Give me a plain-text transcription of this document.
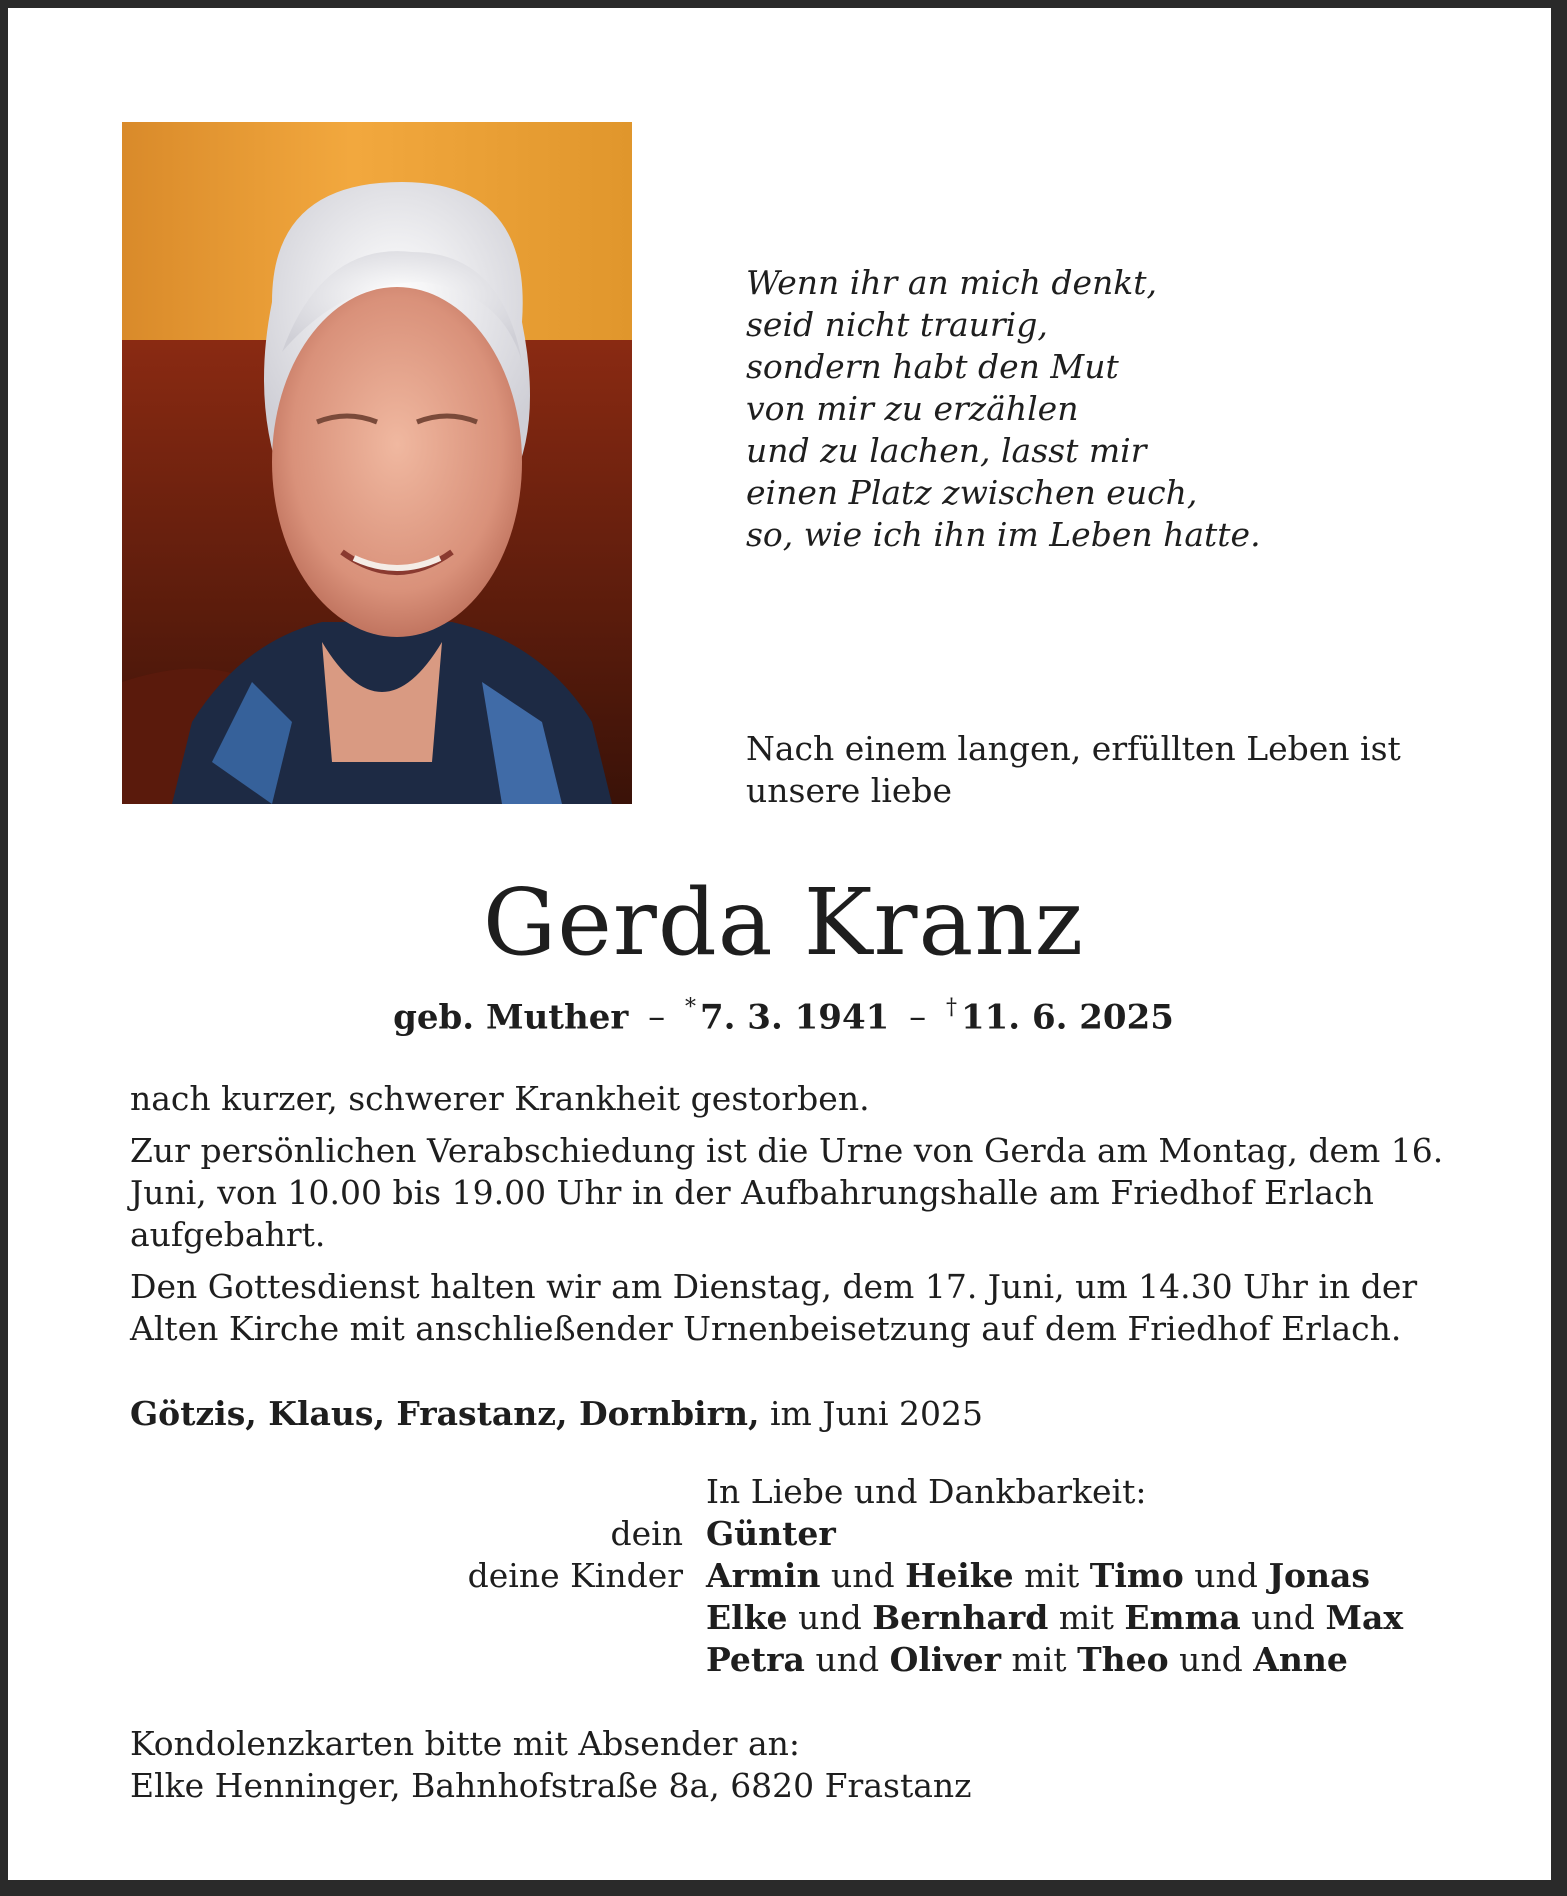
Wenn ihr an mich denkt,
seid nicht traurig,
sondern habt den Mut
von mir zu erzählen
und zu lachen, lasst mir
einen Platz zwischen euch,
so, wie ich ihn im Leben hatte.
Nach einem langen, erfüllten Leben ist
unsere liebe
Gerda Kranz
geb. Muther – * 7. 3. 1941 – † 11. 6. 2025

nach kurzer, schwerer Krankheit gestorben.

Zur persönlichen Verabschiedung ist die Urne von Gerda am Montag, dem 16. Juni, von 10.00 bis 19.00 Uhr in der Aufbahrungshalle am Friedhof Erlach aufgebahrt.

Den Gottesdienst halten wir am Dienstag, dem 17. Juni, um 14.30 Uhr in der Alten Kirche mit anschließender Urnenbeisetzung auf dem Friedhof Erlach.

Götzis, Klaus, Frastanz, Dornbirn, im Juni 2025
In Liebe und Dankbarkeit:
dein Günter
deine Kinder Armin und Heike mit Timo und Jonas
Elke und Bernhard mit Emma und Max
Petra und Oliver mit Theo und Anne
Kondolenzkarten bitte mit Absender an:
Elke Henninger, Bahnhofstraße 8a, 6820 Frastanz
